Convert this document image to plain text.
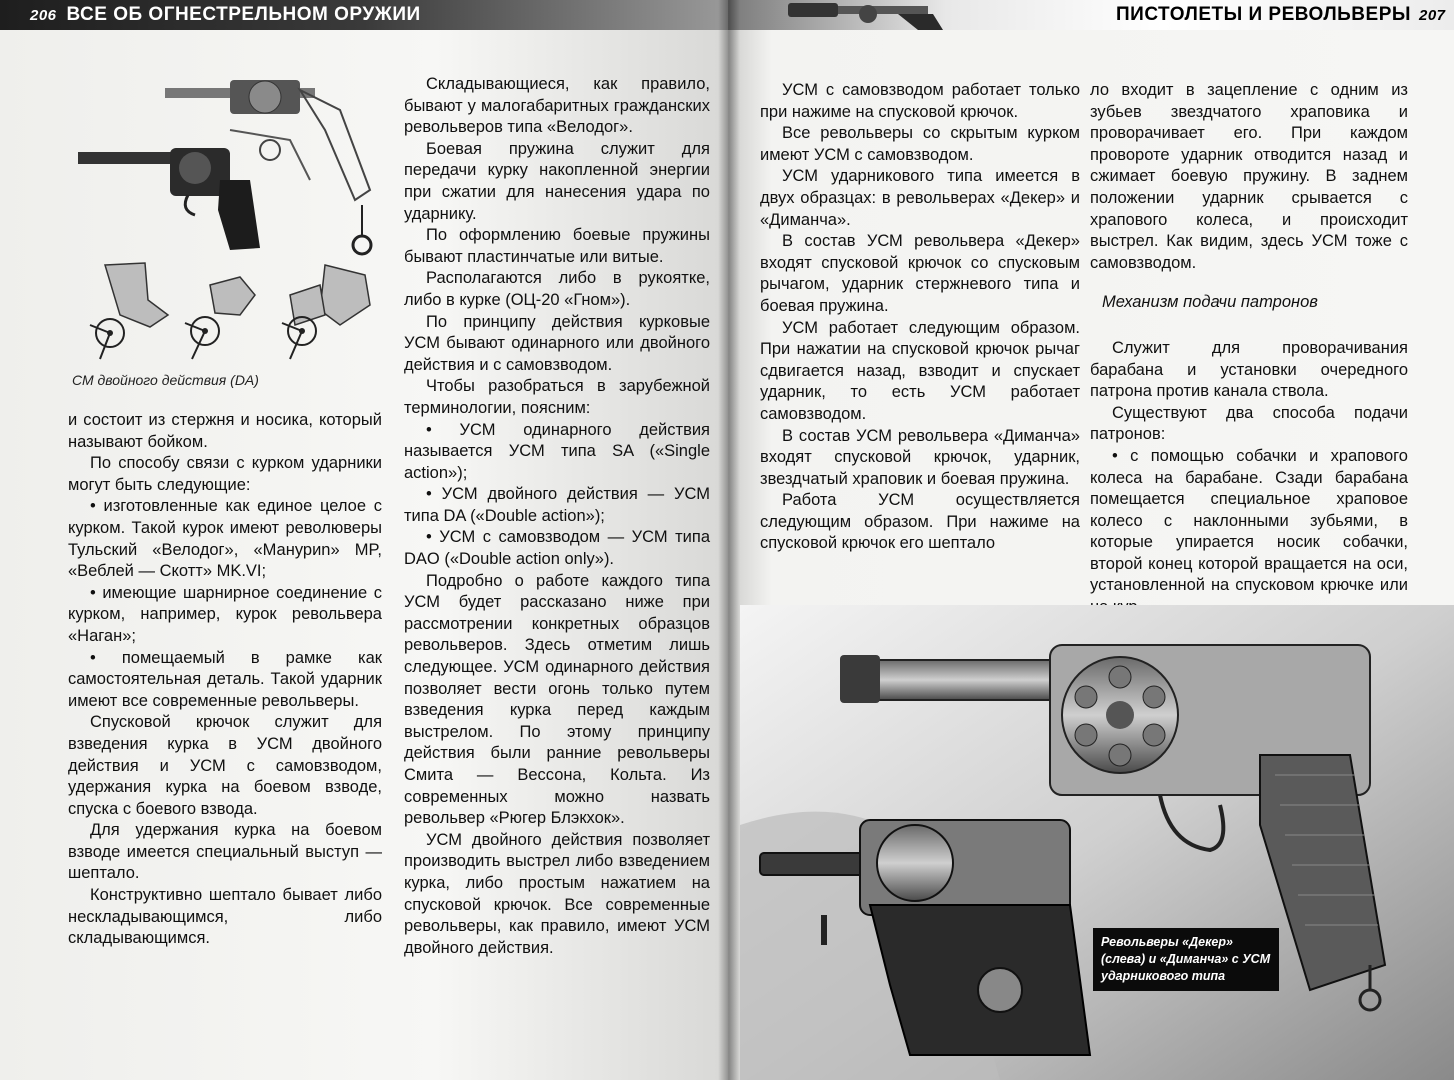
206 ВСЕ ОБ ОГНЕСТРЕЛЬНОМ ОРУЖИИ	ПИСТОЛЕТЫ И РЕВОЛЬВЕРЫ 207
СМ двойного действия (DA)

и состоит из стержня и носика, который называют бойком.

По способу связи с курком ударники могут быть следующие:

• изготовленные как единое целое с курком. Такой курок имеют революверы Тульский «Велодог», «Мануриn» MP, «Веблей — Скотт» MK.VI;

• имеющие шарнирное соединение с курком, например, курок револьвера «Наган»;

• помещаемый в рамке как самостоятельная деталь. Такой ударник имеют все современные револьверы.

Спусковой крючок служит для взведения курка в УСМ двойного действия и УСМ с самовзводом, удержания курка на боевом взводе, спуска с боевого взвода.

Для удержания курка на боевом взводе имеется специальный выступ —шептало.

Конструктивно шептало бывает либо нескладывающимся, либо складывающимся.

Складывающиеся, как правило, бывают у малогабаритных гражданских револьверов типа «Велодог».

Боевая пружина служит для передачи курку накопленной энергии при сжатии для нанесения удара по ударнику.

По оформлению боевые пружины бывают пластинчатые или витые.

Располагаются либо в рукоятке, либо в курке (ОЦ-20 «Гном»).

По принципу действия курковые УСМ бывают одинарного или двойного действия и с самовзводом.

Чтобы разобраться в зарубежной терминологии, поясним:

• УСМ одинарного действия называется УСМ типа SA («Single action»);

• УСМ двойного действия — УСМ типа DA («Double action»);

• УСМ с самовзводом — УСМ типа DAO («Double action only»).

Подробно о работе каждого типа УСМ будет рассказано ниже при рассмотрении конкретных образцов револьверов. Здесь отметим лишь следующее. УСМ одинарного действия позволяет вести огонь только путем взведения курка перед каждым выстрелом. По этому принципу действия были ранние револьверы Смита — Вессона, Кольта. Из современных можно назвать револьвер «Рюгер Блэкхок».

УСМ двойного действия позволяет производить выстрел либо взведением курка, либо простым нажатием на спусковой крючок. Все современные револьверы, как правило, имеют УСМ двойного действия.

УСМ с самовзводом работает только при нажиме на спусковой крючок.

Все револьверы со скрытым курком имеют УСМ с самовзводом.

УСМ ударникового типа имеется в двух образцах: в револьверах «Декер» и «Диманча».

В состав УСМ револьвера «Декер» входят спусковой крючок со спусковым рычагом, ударник стержневого типа и боевая пружина.

УСМ работает следующим образом. При нажатии на спусковой крючок рычаг сдвигается назад, взводит и спускает ударник, то есть УСМ работает самовзводом.

В состав УСМ револьвера «Диманча» входят спусковой крючок, ударник, звездчатый храповик и боевая пружина.

Работа УСМ осуществляется следующим образом. При нажиме на спусковой крючок его шептало

ло входит в зацепление с одним из зубьев звездчатого храповика и проворачивает его. При каждом провороте ударник отводится назад и сжимает боевую пружину. В заднем положении ударник срывается с храпового колеса, и происходит выстрел. Как видим, здесь УСМ тоже с самовзводом.

Механизм подачи патронов

Служит для проворачивания барабана и установки очередного патрона против канала ствола.

Существуют два способа подачи патронов:

• с помощью собачки и храпового колеса на барабане. Сзади барабана помещается специальное храповое колесо с наклонными зубьями, в которые упирается носик собачки, второй конец которой вращается на оси, установленной на спусковом крючке или

Револьверы «Декер» (слева) и «Диманча» с УСМ ударникового типа
